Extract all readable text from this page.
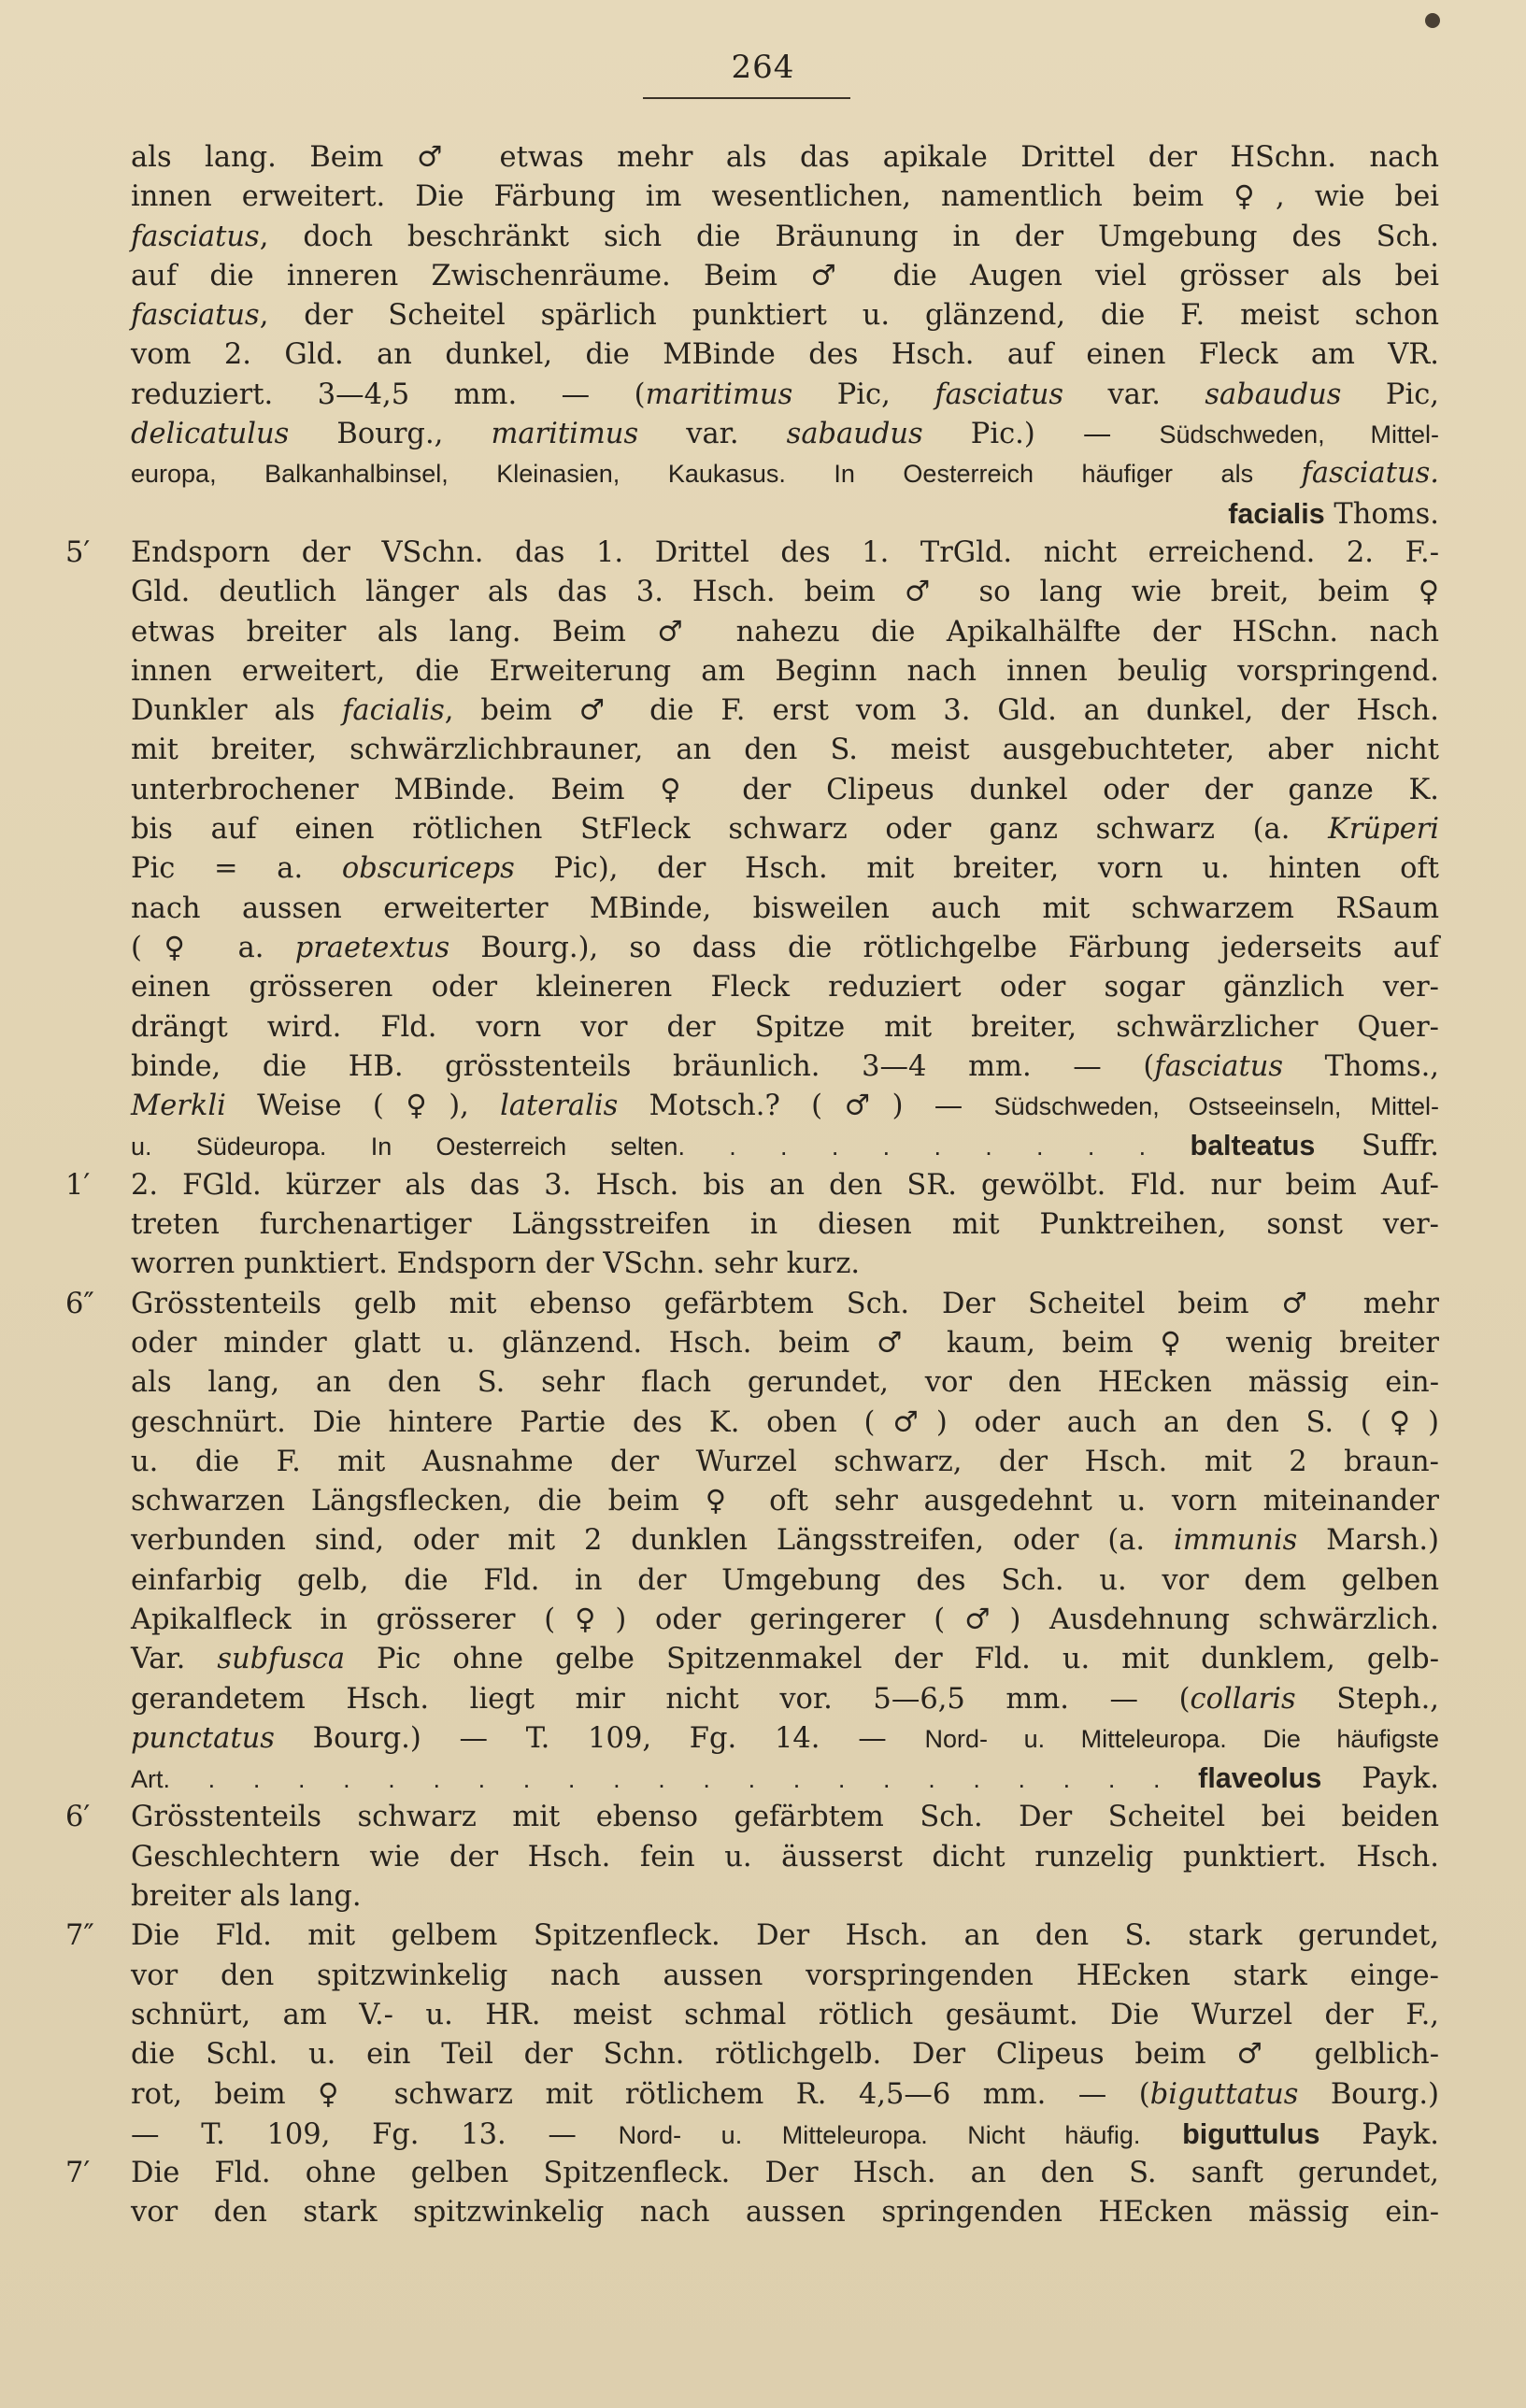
264
als lang. Beim ♂ etwas mehr als das apikale Drittel der HSchn. nach
innen erweitert. Die Färbung im wesentlichen, namentlich beim ♀, wie bei
fasciatus, doch beschränkt sich die Bräunung in der Umgebung des Sch.
auf die inneren Zwischenräume. Beim ♂ die Augen viel grösser als bei
fasciatus, der Scheitel spärlich punktiert u. glänzend, die F. meist schon
vom 2. Gld. an dunkel, die MBinde des Hsch. auf einen Fleck am VR.
reduziert. 3—4,5 mm. — (maritimus Pic, fasciatus var. sabaudus Pic,
delicatulus Bourg., maritimus var. sabaudus Pic.) — Südschweden, Mittel-
europa, Balkanhalbinsel, Kleinasien, Kaukasus. In Oesterreich häufiger als fasciatus.
facialis Thoms.
5′	Endsporn der VSchn. das 1. Drittel des 1. TrGld. nicht erreichend. 2. F.-
Gld. deutlich länger als das 3. Hsch. beim ♂ so lang wie breit, beim ♀
etwas breiter als lang. Beim ♂ nahezu die Apikalhälfte der HSchn. nach
innen erweitert, die Erweiterung am Beginn nach innen beulig vorspringend.
Dunkler als facialis, beim ♂ die F. erst vom 3. Gld. an dunkel, der Hsch.
mit breiter, schwärzlichbrauner, an den S. meist ausgebuchteter, aber nicht
unterbrochener MBinde. Beim ♀ der Clipeus dunkel oder der ganze K.
bis auf einen rötlichen StFleck schwarz oder ganz schwarz (a. Krüperi
Pic = a. obscuriceps Pic), der Hsch. mit breiter, vorn u. hinten oft
nach aussen erweiterter MBinde, bisweilen auch mit schwarzem RSaum
(♀ a. praetextus Bourg.), so dass die rötlichgelbe Färbung jederseits auf
einen grösseren oder kleineren Fleck reduziert oder sogar gänzlich ver-
drängt wird. Fld. vorn vor der Spitze mit breiter, schwärzlicher Quer-
binde, die HB. grösstenteils bräunlich. 3—4 mm. — (fasciatus Thoms.,
Merkli Weise (♀), lateralis Motsch.? (♂) — Südschweden, Ostseeinseln, Mittel-
u. Südeuropa. In Oesterreich selten. . . . . . . . . . balteatus Suffr.
1′	2. FGld. kürzer als das 3. Hsch. bis an den SR. gewölbt. Fld. nur beim Auf-
treten furchenartiger Längsstreifen in diesen mit Punktreihen, sonst ver-
worren punktiert. Endsporn der VSchn. sehr kurz.
6″	Grösstenteils gelb mit ebenso gefärbtem Sch. Der Scheitel beim ♂ mehr
oder minder glatt u. glänzend. Hsch. beim ♂ kaum, beim ♀ wenig breiter
als lang, an den S. sehr flach gerundet, vor den HEcken mässig ein-
geschnürt. Die hintere Partie des K. oben (♂) oder auch an den S. (♀)
u. die F. mit Ausnahme der Wurzel schwarz, der Hsch. mit 2 braun-
schwarzen Längsflecken, die beim ♀ oft sehr ausgedehnt u. vorn miteinander
verbunden sind, oder mit 2 dunklen Längsstreifen, oder (a. immunis Marsh.)
einfarbig gelb, die Fld. in der Umgebung des Sch. u. vor dem gelben
Apikalfleck in grösserer (♀) oder geringerer (♂) Ausdehnung schwärzlich.
Var. subfusca Pic ohne gelbe Spitzenmakel der Fld. u. mit dunklem, gelb-
gerandetem Hsch. liegt mir nicht vor. 5—6,5 mm. — (collaris Steph.,
punctatus Bourg.) — T. 109, Fg. 14. — Nord- u. Mitteleuropa. Die häufigste
Art. . . . . . . . . . . . . . . . . . . . . . . flaveolus Payk.
6′	Grösstenteils schwarz mit ebenso gefärbtem Sch. Der Scheitel bei beiden
Geschlechtern wie der Hsch. fein u. äusserst dicht runzelig punktiert. Hsch.
breiter als lang.
7″	Die Fld. mit gelbem Spitzenfleck. Der Hsch. an den S. stark gerundet,
vor den spitzwinkelig nach aussen vorspringenden HEcken stark einge-
schnürt, am V.- u. HR. meist schmal rötlich gesäumt. Die Wurzel der F.,
die Schl. u. ein Teil der Schn. rötlichgelb. Der Clipeus beim ♂ gelblich-
rot, beim ♀ schwarz mit rötlichem R. 4,5—6 mm. — (biguttatus Bourg.)
— T. 109, Fg. 13. — Nord- u. Mitteleuropa. Nicht häufig. biguttulus Payk.
7′	Die Fld. ohne gelben Spitzenfleck. Der Hsch. an den S. sanft gerundet,
vor den stark spitzwinkelig nach aussen springenden HEcken mässig ein-
